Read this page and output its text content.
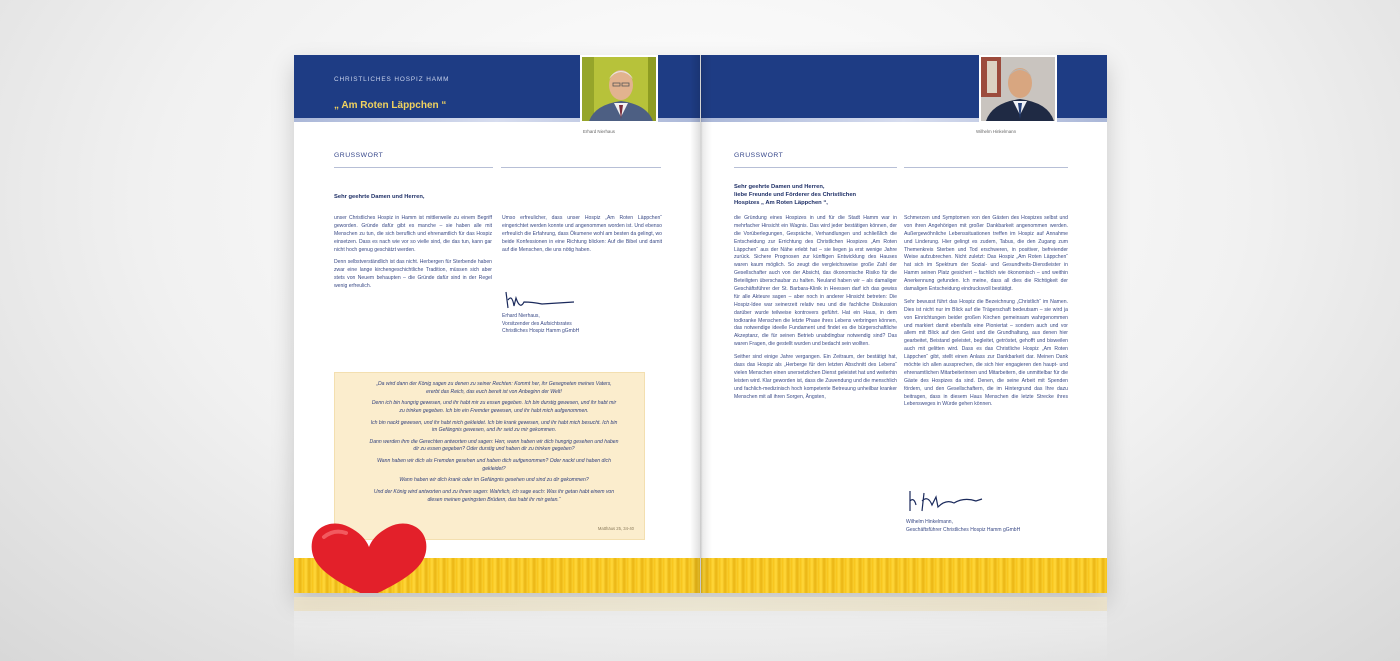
CHRISTLICHES HOSPIZ HAMM
„ Am Roten Läppchen “
Erhard Nierhaus
GRUSSWORT
Sehr geehrte Damen und Herren,

unser Christliches Hospiz in Hamm ist mittlerweile zu einem Begriff geworden. Gründe dafür gibt es manche – sie haben alle mit Menschen zu tun, die sich beruflich und ehrenamtlich für das Hospiz einsetzen. Dass es nach wie vor so vielle sind, die das tun, kann gar nicht hoch genug geschätzt werden.

Denn selbstverständlich ist das nicht. Herbergen für Sterbende haben zwar eine lange kirchengeschichtliche Tradition, müssen sich aber stets von Neuem behaupten – die Gründe dafür sind in der Regel wenig erfreulich.

Umso erfreulicher, dass unser Hospiz „Am Roten Läppchen“ eingerichtet werden konnte und angenommen worden ist. Und ebenso erfreulich die Erfahrung, dass Ökumene wohl am besten da gelingt, wo beide Konfessionen in eine Richtung blicken: Auf die Bibel und damit auf die Menschen, die uns nötig haben.

Erhard Nierhaus,
Vorsitzender des Aufsichtsrates
Christliches Hospiz Hamm gGmbH

„Da wird dann der König sagen zu denen zu seiner Rechten: Kommt her, ihr Gesegneten meines Vaters, ererbt das Reich, das euch bereit ist von Anbeginn der Welt!

Denn ich bin hungrig gewesen, und ihr habt mir zu essen gegeben. Ich bin durstig gewesen, und ihr habt mir zu trinken gegeben. Ich bin ein Fremder gewesen, und ihr habt mich aufgenommen.

Ich bin nackt gewesen, und ihr habt mich gekleidet. Ich bin krank gewesen, und ihr habt mich besucht. Ich bin im Gefängnis gewesen, und ihr seid zu mir gekommen.

Dann werden ihm die Gerechten antworten und sagen: Herr, wann haben wir dich hungrig gesehen und haben dir zu essen gegeben? Oder durstig und haben dir zu trinken gegeben?

Wann haben wir dich als Fremden gesehen und haben dich aufgenommen? Oder nackt und haben dich gekleidet?

Wann haben wir dich krank oder im Gefängnis gesehen und sind zu dir gekommen?

Und der König wird antworten und zu ihnen sagen: Wahrlich, ich sage euch: Was ihr getan habt einem von diesen meinen geringsten Brüdern, das habt ihr mir getan.“

Matthäus 25, 34-40
Wilhelm Hinkelmann
GRUSSWORT
Sehr geehrte Damen und Herren,
liebe Freunde und Förderer des Christlichen
Hospizes „ Am Roten Läppchen “,

die Gründung eines Hospizes in und für die Stadt Hamm war in mehrfacher Hinsicht ein Wagnis. Das wird jeder bestätigen können, der die Vorüberlegungen, Gespräche, Verhandlungen und schließlich die Entscheidung zur Errichtung des Christlichen Hospizes „Am Roten Läppchen“ aus der Nähe erlebt hat – sie liegen ja erst wenige Jahre zurück. Sichere Prognosen zur künftigen Entwicklung des Hauses waren kaum möglich. So zeugt die vergleichsweise große Zahl der Gesellschafter auch von der Absicht, das ökonomische Risiko für die Beteiligten überschaubar zu halten. Neuland haben wir – als damaliger Geschäftsführer der St. Barbara-Klinik in Heessen darf ich das gewiss für alle Akteure sagen – aber noch in anderer Hinsicht betreten: Die Hospiz-Idee war seinerzeit relativ neu und die fachliche Diskussion darüber wurde teilweise kontrovers geführt. Hat ein Haus, in dem todkranke Menschen die letzte Phase ihres Lebens verbringen können, das notwendige ideelle Fundament und findet es die bürgerschaftliche Akzeptanz, die für seinen Betrieb unabdingbar notwendig sind? Das waren Fragen, die gestellt wurden und bedacht sein wollten.

Seither sind einige Jahre vergangen. Ein Zeitraum, der bestätigt hat, dass das Hospiz als „Herberge für den letzten Abschnitt des Lebens“ vielen Menschen einen unersetzlichen Dienst geleistet hat und weiterhin leisten wird. Klar geworden ist, dass die Zuwendung und die menschlich und fachlich-medizinisch hoch kompetente Betreuung unheilbar kranker Menschen mit all ihren Sorgen, Ängsten,

Schmerzen und Symptomen von den Gästen des Hospizes selbst und von ihren Angehörigen mit großer Dankbarkeit angenommen werden. Außergewöhnliche Lebenssituationen treffen im Hospiz auf Annahme und Linderung. Hier gelingt es zudem, Tabus, die den Zugang zum Themenkreis Sterben und Tod erschweren, in positiver, befreiender Weise aufzubrechen. Nicht zuletzt: Das Hospiz „Am Roten Läppchen“ hat sich im Spektrum der Sozial- und Gesundheits-Dienstleister in Hamm seinen Platz gesichert – fachlich wie ökonomisch – und weithin Anerkennung gefunden. Ich meine, dass all dies die Richtigkeit der damaligen Entscheidung eindrucksvoll bestätigt.

Sehr bewusst führt das Hospiz die Bezeichnung „Christlich“ im Namen. Dies ist nicht nur im Blick auf die Trägerschaft bedeutsam – sie wird ja von Einrichtungen beider großen Kirchen gemeinsam wahrgenommen und markiert damit ebenfalls eine Pioniertat – sondern auch und vor allem mit Blick auf den Geist und die Grundhaltung, aus denen hier gearbeitet, Beistand geleistet, begleitet, getröstet, gehofft und bisweilen auch mit gelitten wird. Dass es das Christliche Hospiz „Am Roten Läppchen“ gibt, stellt einen Anlass zur Dankbarkeit dar. Meinen Dank möchte ich allen aussprechen, die sich hier engagieren den haupt- und ehrenamtlichen Mitarbeiterinnen und Mitarbeitern, die unmittelbar für die Gäste des Hospizes da sind. Denen, die seine Arbeit mit Spenden fördern, und den Gesellschaftern, die im Hintergrund das Ihre dazu beitragen, dass in diesem Haus Menschen die letzte Strecke ihres Lebensweges in Würde gehen können.

Wilhelm Hinkelmann,
Geschäftsführer Christliches Hospiz Hamm gGmbH
